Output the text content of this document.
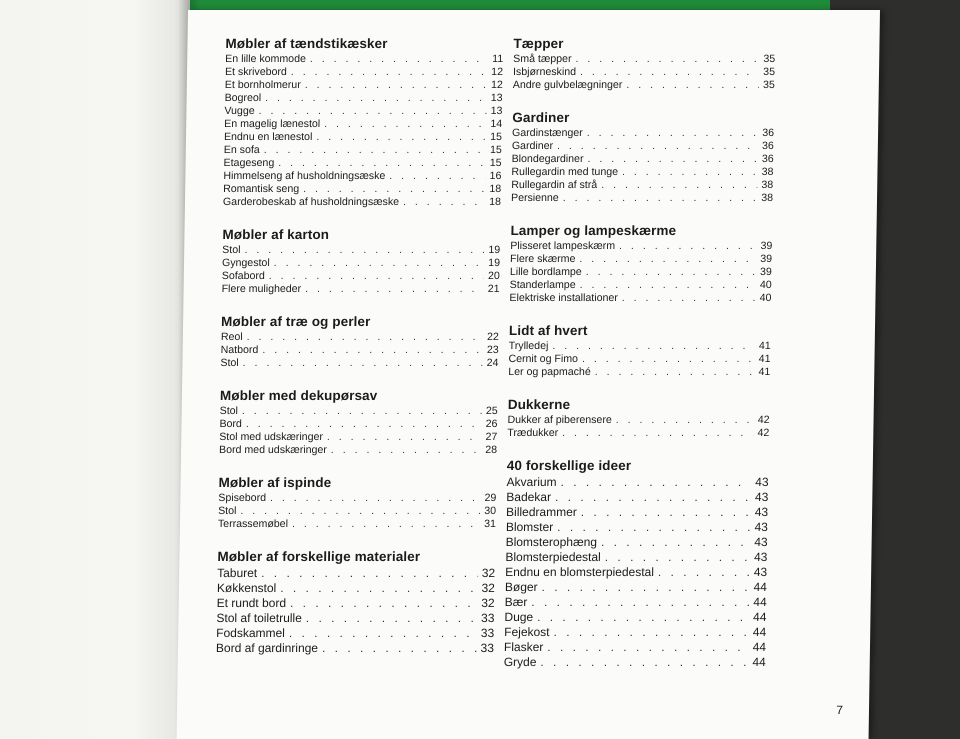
Møbler af tændstikæsker
En lille kommode . . .	11
Et skrivebord . . .	12
Et bornholmerur . . .	12
Bogreol . . .	13
Vugge . . .	13
En magelig lænestol . . .	14
Endnu en lænestol . . .	15
En sofa . . .	15
Etageseng . . .	15
Himmelseng af husholdningsæske . . .	16
Romantisk seng . . .	18
Garderobeskab af husholdningsæske . . .	18
Møbler af karton
Stol . . .	19
Gyngestol . . .	19
Sofabord . . .	20
Flere muligheder . . .	21
Møbler af træ og perler
Reol . . .	22
Natbord . . .	23
Stol . . .	24
Møbler med dekupørsav
Stol . . .	25
Bord . . .	26
Stol med udskæringer . . .	27
Bord med udskæringer . . .	28
Møbler af ispinde
Spisebord . . .	29
Stol . . .	30
Terrassemøbel . . .	31
Møbler af forskellige materialer
Taburet . . .	32
Køkkenstol . . .	32
Et rundt bord . . .	32
Stol af toiletrulle . . .	33
Fodskammel . . .	33
Bord af gardinringe . . .	33
Tæpper
Små tæpper . . .	35
Isbjørneskind . . .	35
Andre gulvbelægninger . . .	35
Gardiner
Gardinstænger . . .	36
Gardiner . . .	36
Blondegardiner . . .	36
Rullegardin med tunge . . .	38
Rullegardin af strå . . .	38
Persienne . . .	38
Lamper og lampeskærme
Plisseret lampeskærm . . .	39
Flere skærme . . .	39
Lille bordlampe . . .	39
Standerlampe . . .	40
Elektriske installationer . . .	40
Lidt af hvert
Trylledej . . .	41
Cernit og Fimo . . .	41
Ler og papmaché . . .	41
Dukkerne
Dukker af piberensere . . .	42
Trædukker . . .	42
40 forskellige ideer
Akvarium . . .	43
Badekar . . .	43
Billedrammer . . .	43
Blomster . . .	43
Blomsterophæng . . .	43
Blomsterpiedestal . . .	43
Endnu en blomsterpiedestal . . .	43
Bøger . . .	44
Bær . . .	44
Duge . . .	44
Fejekost . . .	44
Flasker . . .	44
Gryde . . .	44
7
